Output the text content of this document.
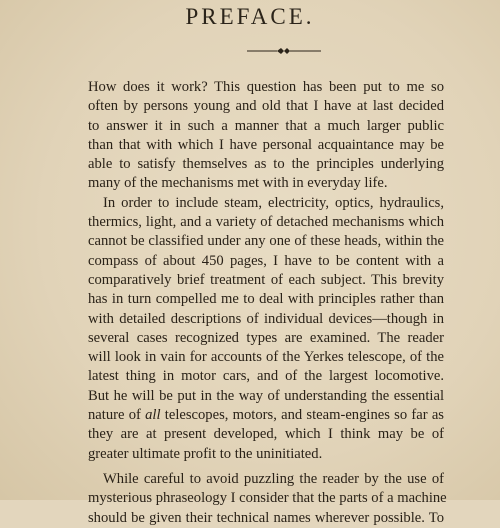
PREFACE.
How does it work? This question has been put to me so
often by persons young and old that I have at last decided
to answer it in such a manner that a much larger public
than that with which I have personal acquaintance may be
able to satisfy themselves as to the principles underlying
many of the mechanisms met with in everyday life.
In order to include steam, electricity, optics, hydraulics,
thermics, light, and a variety of detached mechanisms which
cannot be classified under any one of these heads, within the
compass of about 450 pages, I have to be content with a
comparatively brief treatment of each subject. This brevity
has in turn compelled me to deal with principles rather than
with detailed descriptions of individual devices—though in
several cases recognized types are examined. The reader
will look in vain for accounts of the Yerkes telescope, of the
latest thing in motor cars, and of the largest locomotive.
But he will be put in the way of understanding the essential
nature of all telescopes, motors, and steam-engines so far as
they are at present developed, which I think may be of
greater ultimate profit to the uninitiated.
While careful to avoid puzzling the reader by the use of
mysterious phraseology I consider that the parts of a machine
should be given their technical names wherever possible. To
